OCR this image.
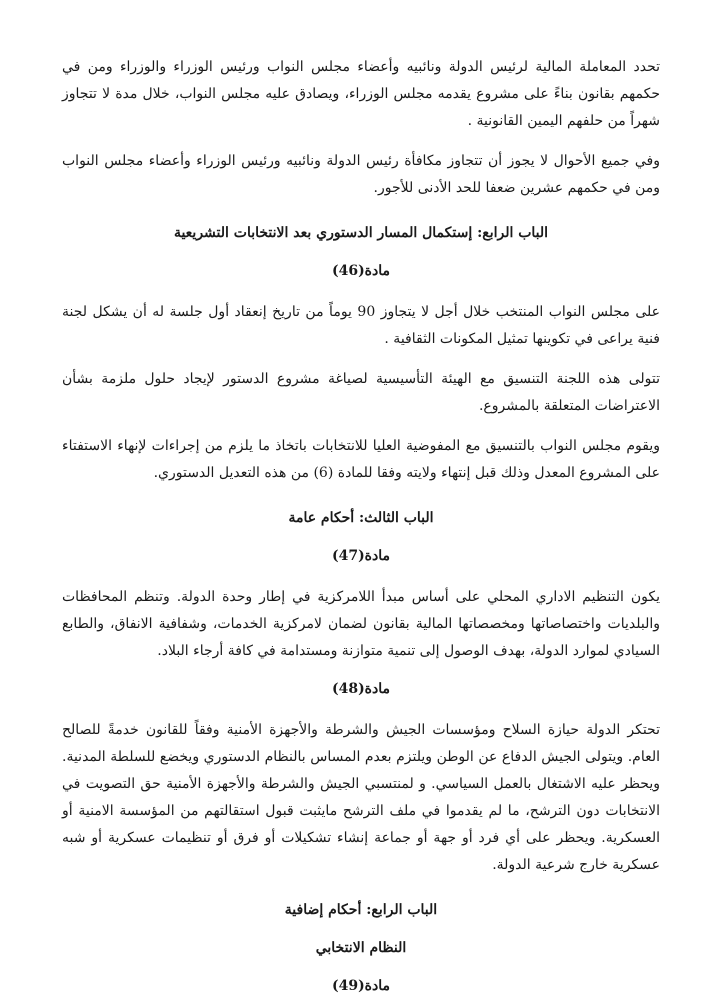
تحدد المعاملة المالية لرئيس الدولة ونائبيه وأعضاء مجلس النواب ورئيس الوزراء والوزراء ومن في حكمهم بقانون بناءً على مشروع يقدمه مجلس الوزراء، ويصادق عليه مجلس النواب، خلال مدة لا تتجاوز شهراً من حلفهم اليمين القانونية .

وفي جميع الأحوال لا يجوز أن تتجاوز مكافأة رئيس الدولة ونائبيه ورئيس الوزراء وأعضاء مجلس النواب ومن في حكمهم عشرين ضعفا للحد الأدنى للأجور.

الباب الرابع: إستكمال المسار الدستوري بعد الانتخابات التشريعية

مادة(46)

على مجلس النواب المنتخب خلال أجل لا يتجاوز 90 يوماً من تاريخ إنعقاد أول جلسة له أن يشكل لجنة فنية يراعى في تكوينها تمثيل المكونات الثقافية .

تتولى هذه اللجنة التنسيق مع الهيئة التأسيسية لصياغة مشروع الدستور لإيجاد حلول ملزمة بشأن الاعتراضات المتعلقة بالمشروع.

ويقوم مجلس النواب بالتنسيق مع المفوضية العليا للانتخابات باتخاذ ما يلزم من إجراءات لإنهاء الاستفتاء على المشروع المعدل وذلك قبل إنتهاء ولايته وفقا للمادة (6) من هذه التعديل الدستوري.

الباب الثالث: أحكام عامة

مادة(47)

يكون التنظيم الاداري المحلي على أساس مبدأ اللامركزية في إطار وحدة الدولة. وتنظم المحافظات والبلديات واختصاصاتها ومخصصاتها المالية بقانون لضمان لامركزية الخدمات، وشفافية الانفاق، والطابع السيادي لموارد الدولة، بهدف الوصول إلى تنمية متوازنة ومستدامة في كافة أرجاء البلاد.

مادة(48)

تحتكر الدولة حيازة السلاح ومؤسسات الجيش والشرطة والأجهزة الأمنية وفقاً للقانون خدمةً للصالح العام. ويتولى الجيش الدفاع عن الوطن ويلتزم بعدم المساس بالنظام الدستوري ويخضع للسلطة المدنية. ويحظر عليه الاشتغال بالعمل السياسي. و لمنتسبي الجيش والشرطة والأجهزة الأمنية حق التصويت في الانتخابات دون الترشح، ما لم يقدموا في ملف الترشح مايثبت قبول استقالتهم من المؤسسة الامنية أو العسكرية. ويحظر على أي فرد أو جهة أو جماعة إنشاء تشكيلات أو فرق أو تنظيمات عسكرية أو شبه عسكرية خارج شرعية الدولة.

الباب الرابع: أحكام إضافية

النظام الانتخابي

مادة(49)
